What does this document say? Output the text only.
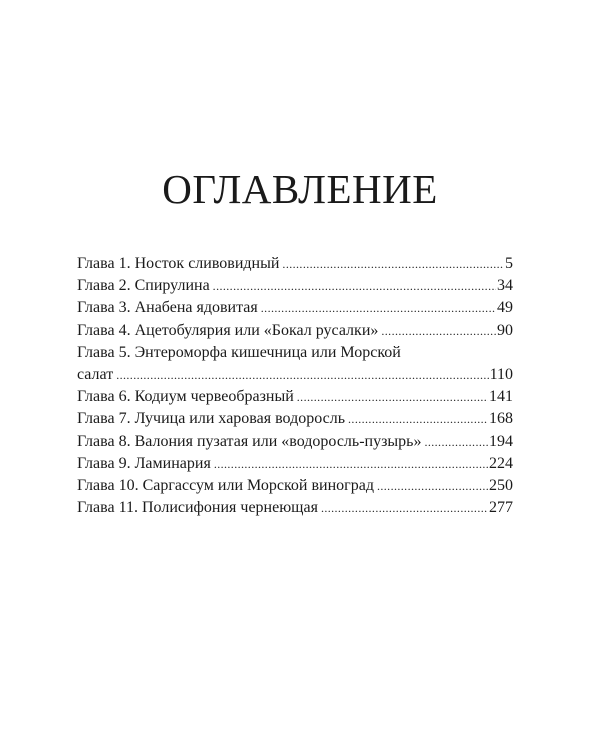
ОГЛАВЛЕНИЕ
Глава 1. Носток сливовидный .....	5
Глава 2. Спирулина .....	34
Глава 3. Анабена ядовитая .....	49
Глава 4. Ацетобулярия или «Бокал русалки» .....	90
Глава 5. Энтероморфа кишечница или Морской
салат .....	110
Глава 6. Кодиум червеобразный .....	141
Глава 7. Лучица или харовая водоросль .....	168
Глава 8. Валония пузатая или «водоросль-пузырь» .....	194
Глава 9. Ламинария .....	224
Глава 10. Саргассум или Морской виноград .....	250
Глава 11. Полисифония чернеющая .....	277
